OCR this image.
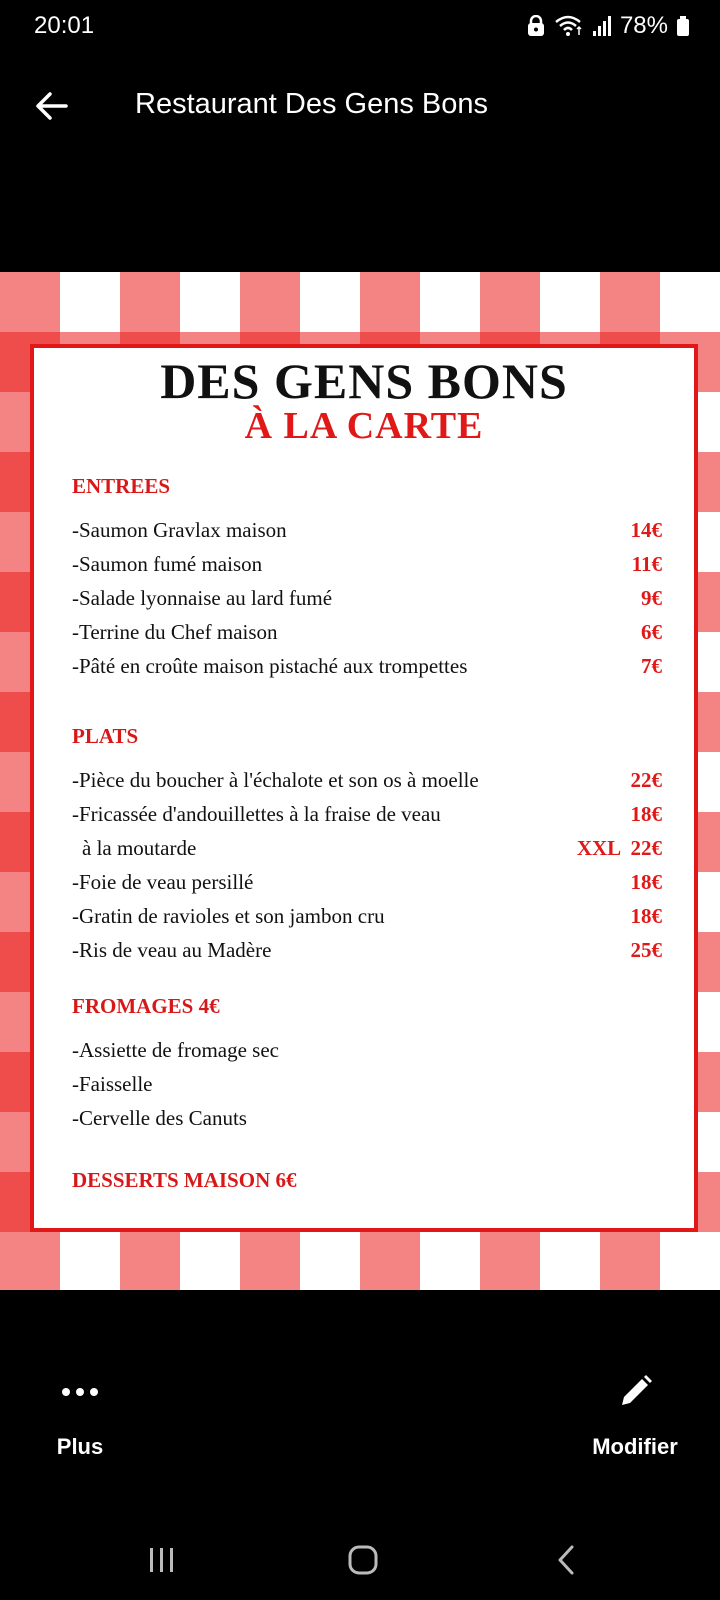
20:01	78%
Restaurant Des Gens Bons
DES GENS BONS
À LA CARTE
ENTREES
-Saumon Gravlax maison	14€
-Saumon fumé maison	11€
-Salade lyonnaise au lard fumé	9€
-Terrine du Chef maison	6€
-Pâté en croûte maison pistaché aux trompettes	7€
PLATS
-Pièce du boucher à l'échalote et son os à moelle	22€
-Fricassée d'andouillettes à la fraise de veau	18€
à la moutarde	XXL  22€
-Foie de veau persillé	18€
-Gratin de ravioles et son jambon cru	18€
-Ris de veau au Madère	25€
FROMAGES 4€
-Assiette de fromage sec
-Faisselle
-Cervelle des Canuts
DESSERTS MAISON 6€
Plus	Modifier
